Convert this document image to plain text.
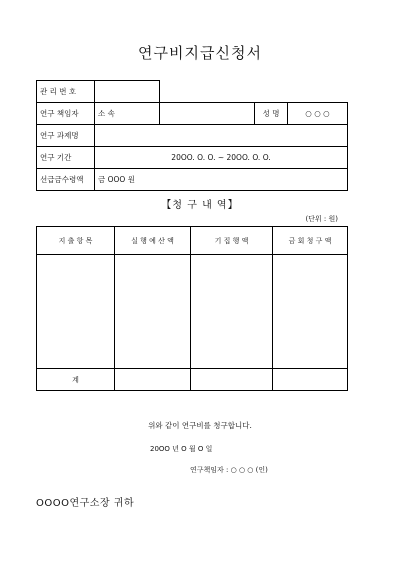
연구비지급신청서
관 리 번 호				
연구 책임자	소 속		성 명	○ ○ ○
연구 과제명				
연구 기간	20OO. O. O. ~ 20OO. O. O.			
선급금수령액	금 OOO 원			
【청 구 내 역】
(단위 : 원)
지 출 항 목	실 행 예 산 액	기 집 행 액	금 회 청 구 액

계			
위와 같이 연구비를 청구합니다.
20OO 년 O 월 O 일
연구책임자 : ○ ○ ○ (인)
OOOO연구소장 귀하
